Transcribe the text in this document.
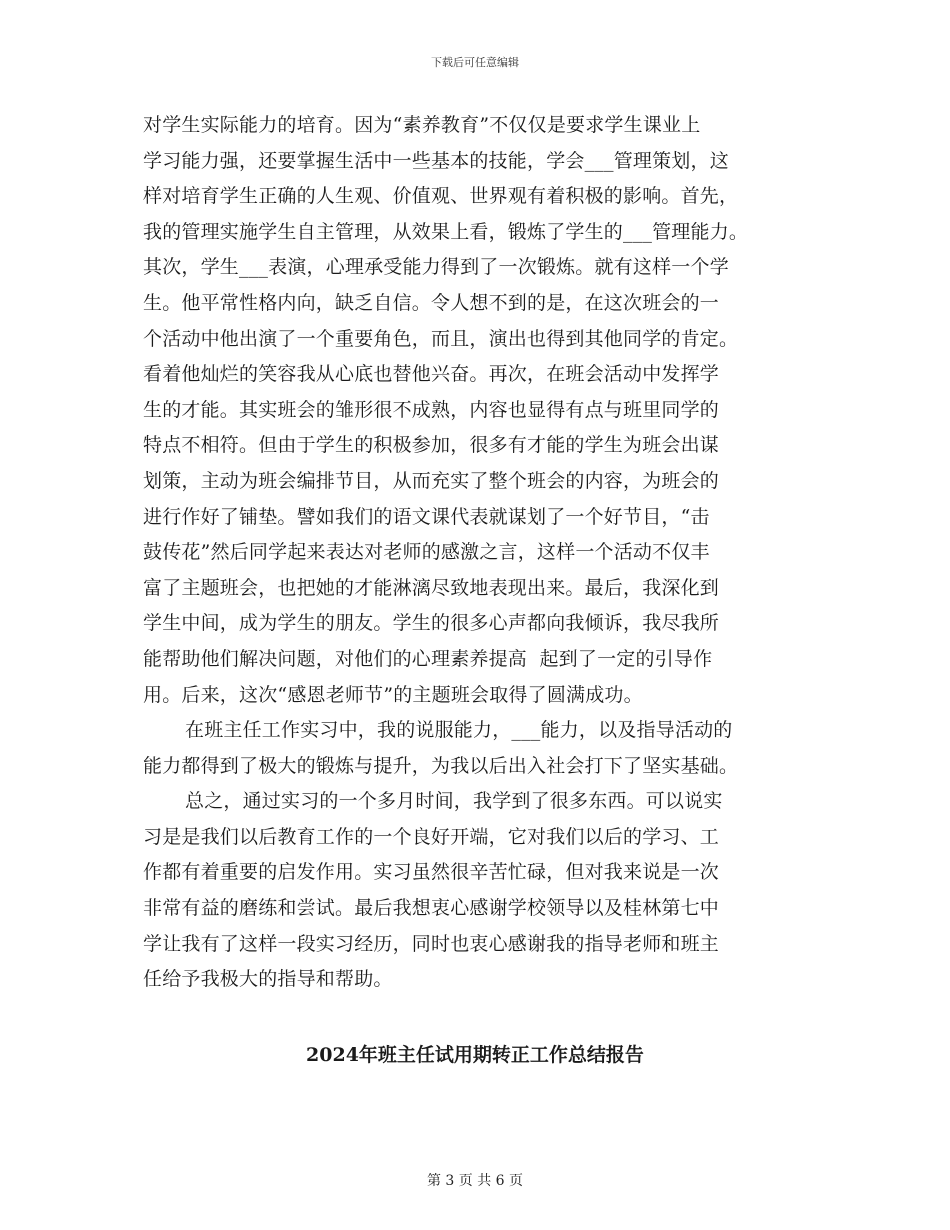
下载后可任意编辑
对学生实际能力的培育。因为“素养教育”不仅仅是要求学生课业上
学习能力强，还要掌握生活中一些基本的技能，学会___管理策划，这
样对培育学生正确的人生观、价值观、世界观有着积极的影响。首先，
我的管理实施学生自主管理，从效果上看，锻炼了学生的___管理能力。
其次，学生___表演，心理承受能力得到了一次锻炼。就有这样一个学
生。他平常性格内向，缺乏自信。令人想不到的是，在这次班会的一
个活动中他出演了一个重要角色，而且，演出也得到其他同学的肯定。
看着他灿烂的笑容我从心底也替他兴奋。再次，在班会活动中发挥学
生的才能。其实班会的雏形很不成熟，内容也显得有点与班里同学的
特点不相符。但由于学生的积极参加，很多有才能的学生为班会出谋
划策，主动为班会编排节目，从而充实了整个班会的内容，为班会的
进行作好了铺垫。譬如我们的语文课代表就谋划了一个好节目，“击
鼓传花”然后同学起来表达对老师的感激之言，这样一个活动不仅丰
富了主题班会，也把她的才能淋漓尽致地表现出来。最后，我深化到
学生中间，成为学生的朋友。学生的很多心声都向我倾诉，我尽我所
能帮助他们解决问题，对他们的心理素养提高  起到了一定的引导作
用。后来，这次“感恩老师节”的主题班会取得了圆满成功。
在班主任工作实习中，我的说服能力，___能力，以及指导活动的
能力都得到了极大的锻炼与提升，为我以后出入社会打下了坚实基础。
总之，通过实习的一个多月时间，我学到了很多东西。可以说实
习是是我们以后教育工作的一个良好开端，它对我们以后的学习、工
作都有着重要的启发作用。实习虽然很辛苦忙碌，但对我来说是一次
非常有益的磨练和尝试。最后我想衷心感谢学校领导以及桂林第七中
学让我有了这样一段实习经历，同时也衷心感谢我的指导老师和班主
任给予我极大的指导和帮助。
2024年班主任试用期转正工作总结报告
第 3 页 共 6 页
